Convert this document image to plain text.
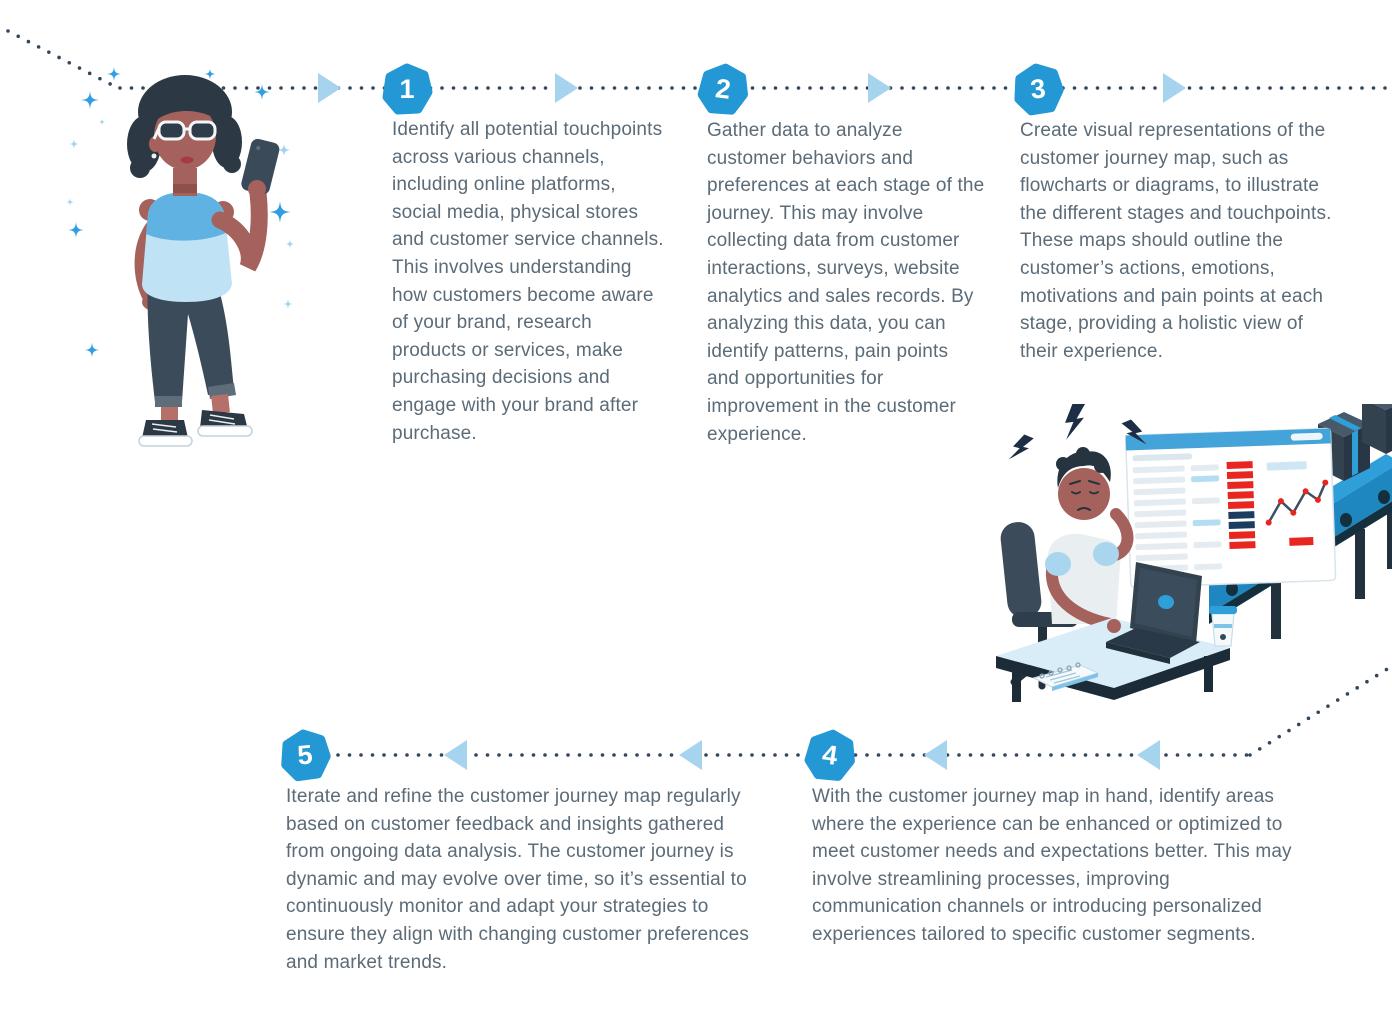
1	2	3
4
5

Identify all potential touchpoints across various channels, including online platforms, social media, physical stores and customer service channels. This involves understanding how customers become aware of your brand, research products or services, make purchasing decisions and engage with your brand after purchase.

Gather data to analyze customer behaviors and preferences at each stage of the journey. This may involve collecting data from customer interactions, surveys, website analytics and sales records. By analyzing this data, you can identify patterns, pain points and opportunities for improvement in the customer experience.

Create visual representations of the customer journey map, such as flowcharts or diagrams, to illustrate the different stages and touchpoints. These maps should outline the customer’s actions, emotions, motivations and pain points at each stage, providing a holistic view of their experience.

With the customer journey map in hand, identify areas where the experience can be enhanced or optimized to meet customer needs and expectations better. This may involve streamlining processes, improving communication channels or introducing personalized experiences tailored to specific customer segments.

Iterate and refine the customer journey map regularly based on customer feedback and insights gathered from ongoing data analysis. The customer journey is dynamic and may evolve over time, so it’s essential to continuously monitor and adapt your strategies to ensure they align with changing customer preferences and market trends.
